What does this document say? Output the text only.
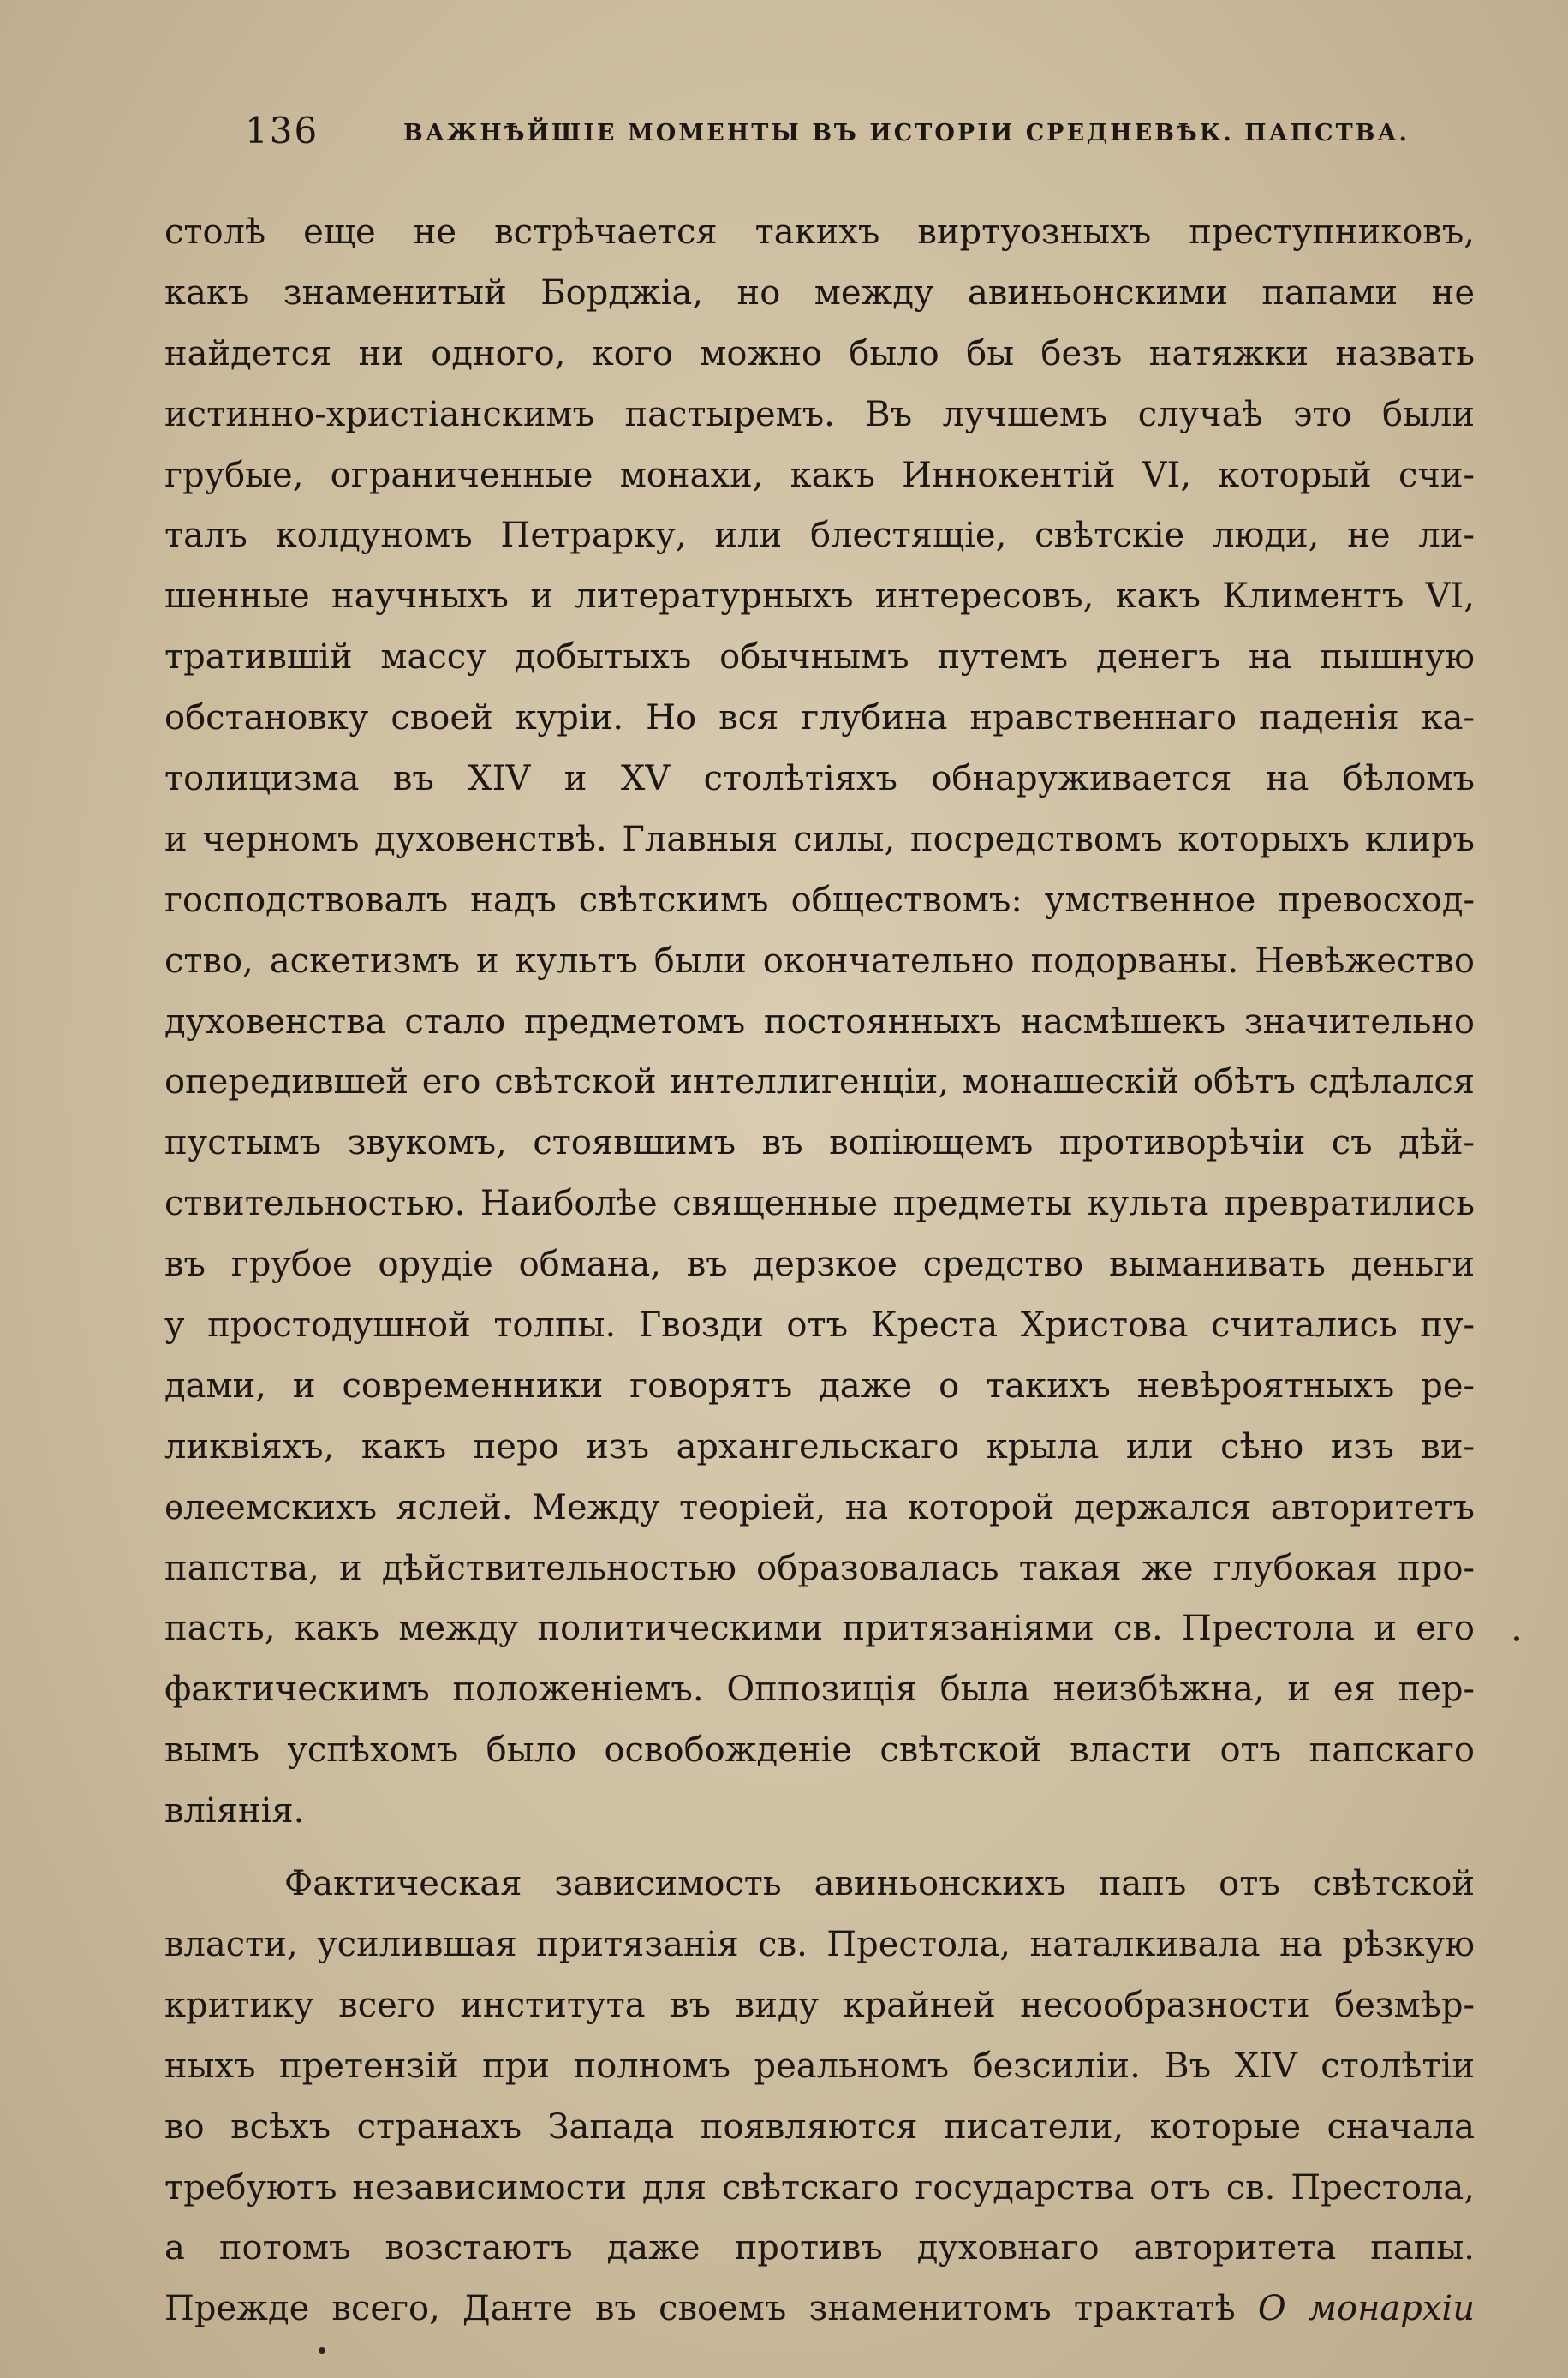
136	ВАЖНѢЙШІЕ МОМЕНТЫ ВЪ ИСТОРІИ СРЕДНЕВѢК. ПАПСТВА.
столѣ еще не встрѣчается такихъ виртуозныхъ преступниковъ,
какъ знаменитый Борджіа, но между авиньонскими папами не
найдется ни одного, кого можно было бы безъ натяжки назвать
истинно-христіанскимъ пастыремъ. Въ лучшемъ случаѣ это были
грубые, ограниченные монахи, какъ Иннокентій VI, который счи-
талъ колдуномъ Петрарку, или блестящіе, свѣтскіе люди, не ли-
шенные научныхъ и литературныхъ интересовъ, какъ Климентъ VI,
тратившій массу добытыхъ обычнымъ путемъ денегъ на пышную
обстановку своей куріи. Но вся глубина нравственнаго паденія ка-
толицизма въ XIV и XV столѣтіяхъ обнаруживается на бѣломъ
и черномъ духовенствѣ. Главныя силы, посредствомъ которыхъ клиръ
господствовалъ надъ свѣтскимъ обществомъ: умственное превосход-
ство, аскетизмъ и культъ были окончательно подорваны. Невѣжество
духовенства стало предметомъ постоянныхъ насмѣшекъ значительно
опередившей его свѣтской интеллигенціи, монашескій обѣтъ сдѣлался
пустымъ звукомъ, стоявшимъ въ вопіющемъ противорѣчіи съ дѣй-
ствительностью. Наиболѣе священные предметы культа превратились
въ грубое орудіе обмана, въ дерзкое средство выманивать деньги
у простодушной толпы. Гвозди отъ Креста Христова считались пу-
дами, и современники говорятъ даже о такихъ невѣроятныхъ ре-
ликвіяхъ, какъ перо изъ архангельскаго крыла или сѣно изъ ви-
ѳлеемскихъ яслей. Между теоріей, на которой держался авторитетъ
папства, и дѣйствительностью образовалась такая же глубокая про-
пасть, какъ между политическими притязаніями св. Престола и его
фактическимъ положеніемъ. Оппозиція была неизбѣжна, и ея пер-
вымъ успѣхомъ было освобожденіе свѣтской власти отъ папскаго
вліянія.
Фактическая зависимость авиньонскихъ папъ отъ свѣтской
власти, усилившая притязанія св. Престола, наталкивала на рѣзкую
критику всего института въ виду крайней несообразности безмѣр-
ныхъ претензій при полномъ реальномъ безсиліи. Въ XIV столѣтіи
во всѣхъ странахъ Запада появляются писатели, которые сначала
требуютъ независимости для свѣтскаго государства отъ св. Престола,
а потомъ возстаютъ даже противъ духовнаго авторитета папы.
Прежде всего, Данте въ своемъ знаменитомъ трактатѣ О монархіи
